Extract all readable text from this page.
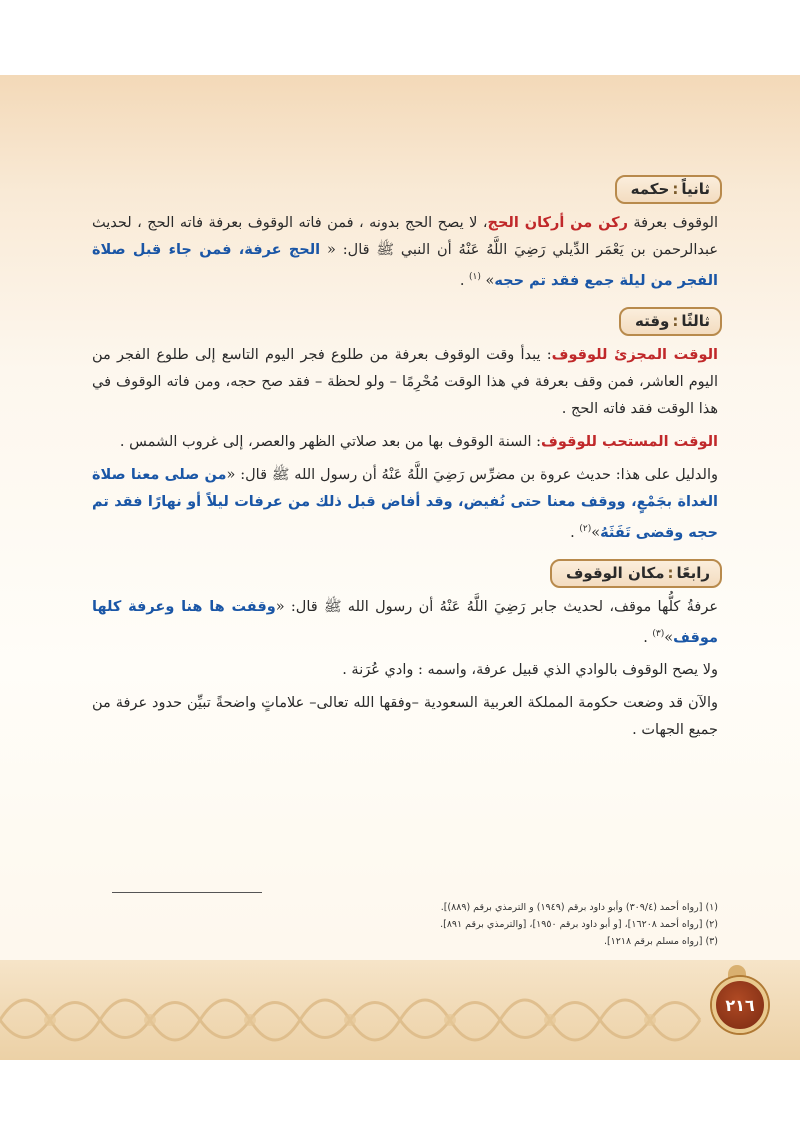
ثانياً:حكمه

الوقوف بعرفة ركن من أركان الحج، لا يصح الحج بدونه ، فمن فاته الوقوف بعرفة فاته الحج ، لحديث عبدالرحمن بن يَعْمَر الدِّيلي رَضِيَ اللَّهُ عَنْهُ أن النبي ﷺ قال: « الحج عرفة، فمن جاء قبل صلاة الفجر من ليلة جمع فقد تم حجه» $^{(١)}$ .

ثالثًا:وقته

الوقت المجزئ للوقوف: يبدأ وقت الوقوف بعرفة من طلوع فجر اليوم التاسع إلى طلوع الفجر من اليوم العاشر، فمن وقف بعرفة في هذا الوقت مُحْرِمًا – ولو لحظة – فقد صح حجه، ومن فاته الوقوف في هذا الوقت فقد فاته الحج .

الوقت المستحب للوقوف: السنة الوقوف بها من بعد صلاتي الظهر والعصر، إلى غروب الشمس .

والدليل على هذا: حديث عروة بن مضرِّس رَضِيَ اللَّهُ عَنْهُ أن رسول الله ﷺ قال: «من صلى معنا صلاة الغداة بجَمْعٍ، ووقف معنا حتى نُفيض، وقد أفاض قبل ذلك من عرفات ليلاً أو نهارًا فقد تم حجه وقضى تَفَثَهُ»$^{(٢)}$ .

رابعًا:مكان الوقوف

عرفةُ كلُّها موقف، لحديث جابر رَضِيَ اللَّهُ عَنْهُ أن رسول الله ﷺ قال: «وقفت ها هنا وعرفة كلها موقف»$^{(٣)}$ .

ولا يصح الوقوف بالوادي الذي قبيل عرفة، واسمه : وادي عُرَنة .

والآن قد وضعت حكومة المملكة العربية السعودية –وفقها الله تعالى– علاماتٍ واضحةً تبيِّن حدود عرفة من جميع الجهات .

(١) [رواه أحمد (٣٠٩/٤) وأبو داود برقم (١٩٤٩) و الترمذي برقم (٨٨٩)].
(٢) [رواه أحمد ١٦٢٠٨]، [و أبو داود برقم ١٩٥٠]، [والترمذي برقم ٨٩١].
(٣) [رواه مسلم برقم ١٢١٨].
٢١٦
